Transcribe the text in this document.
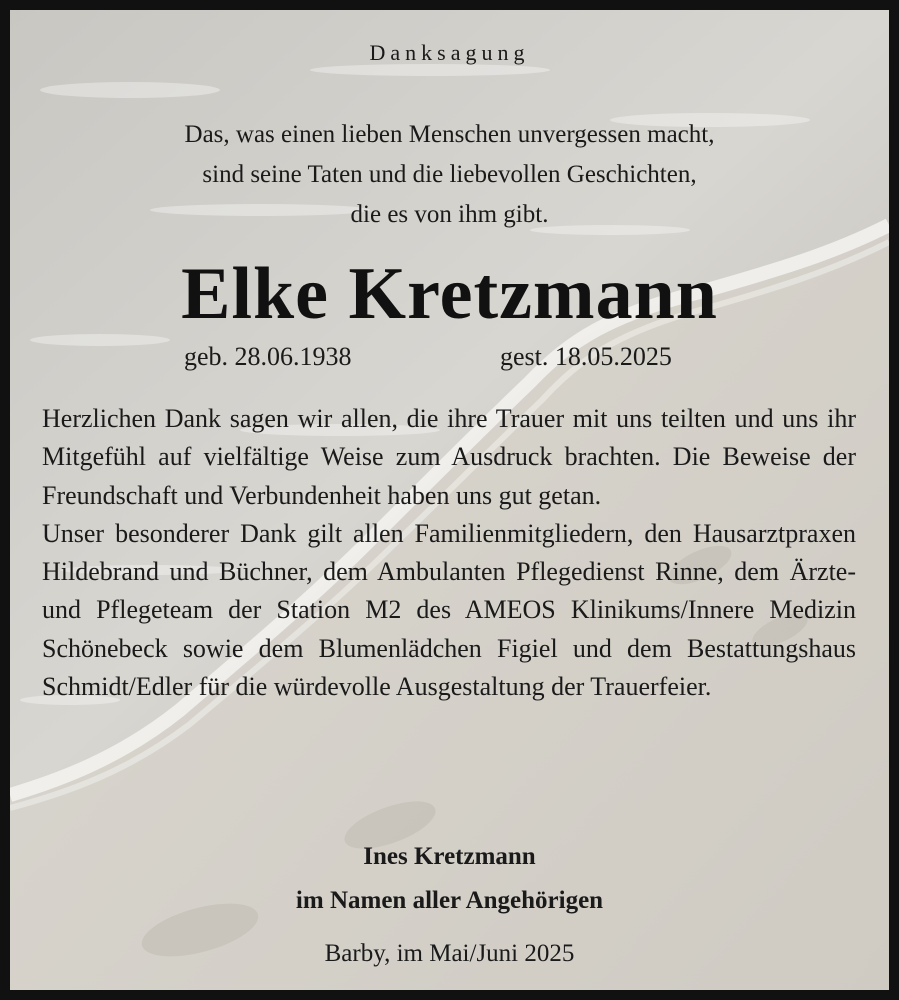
Danksagung
Das, was einen lieben Menschen unvergessen macht,
sind seine Taten und die liebevollen Geschichten,
die es von ihm gibt.
Elke Kretzmann
geb. 28.06.1938	gest. 18.05.2025

Herzlichen Dank sagen wir allen, die ihre Trauer mit uns teilten und uns ihr Mitgefühl auf vielfältige Weise zum Ausdruck brachten. Die Beweise der Freundschaft und Verbundenheit haben uns gut getan.

Unser besonderer Dank gilt allen Familienmitgliedern, den Hausarztpraxen Hildebrand und Büchner, dem Ambulanten Pflegedienst Rinne, dem Ärzte- und Pflegeteam der Station M2 des AMEOS Klinikums/Innere Medizin Schönebeck sowie dem Blumenlädchen Figiel und dem Bestattungshaus Schmidt/Edler für die würdevolle Ausgestaltung der Trauerfeier.

Ines Kretzmann
im Namen aller Angehörigen
Barby, im Mai/Juni 2025
